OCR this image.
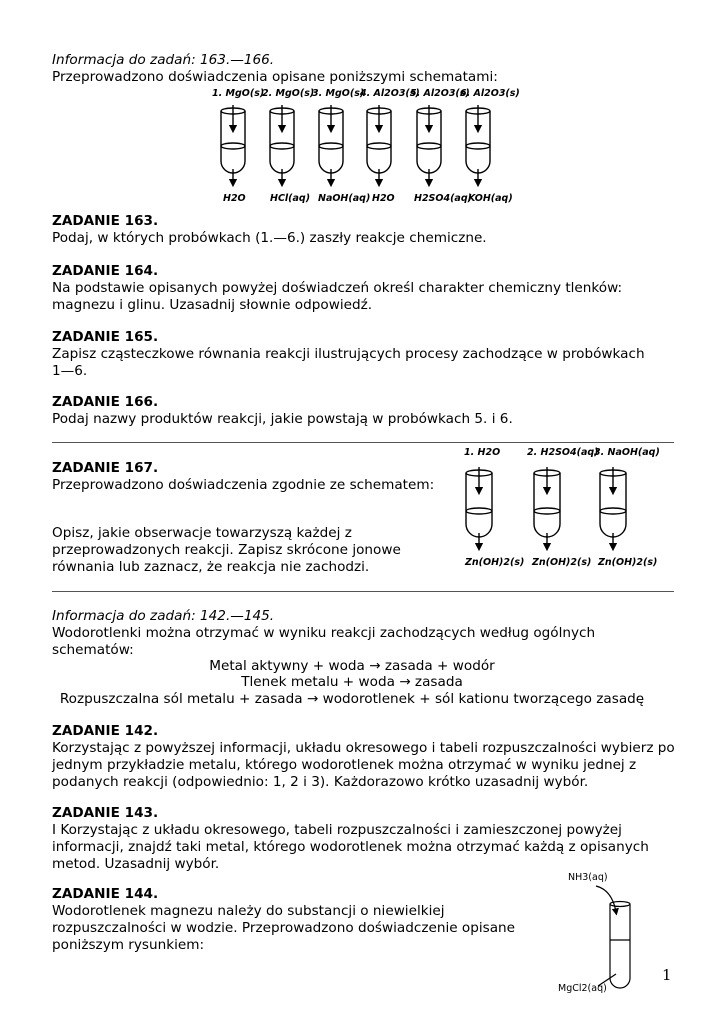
Informacja do zadań: 163.—166.
Przeprowadzono doświadczenia opisane poniższymi schematami:
1. MgO(s)
2. MgO(s)
3. MgO(s)
4. Al2O3(s)
5. Al2O3(s)
6. Al2O3(s)
H2O	HCl(aq) NaOH(aq) H2O H2SO4(aq)
KOH(aq)
ZADANIE 163.
Podaj, w których probówkach (1.—6.) zaszły reakcje chemiczne.
ZADANIE 164.
Na podstawie opisanych powyżej doświadczeń określ charakter chemiczny tlenków:
magnezu i glinu. Uzasadnij słownie odpowiedź.
ZADANIE 165.
Zapisz cząsteczkowe równania reakcji ilustrujących procesy zachodzące w probówkach
1—6.
ZADANIE 166.
Podaj nazwy produktów reakcji, jakie powstają w probówkach 5. i 6.
ZADANIE 167.
Przeprowadzono doświadczenia zgodnie ze schematem:
Opisz, jakie obserwacje towarzyszą każdej z
przeprowadzonych reakcji. Zapisz skrócone jonowe
równania lub zaznacz, że reakcja nie zachodzi.
1. H2O	2. H2SO4(aq)
3. NaOH(aq)
Zn(OH)2(s) Zn(OH)2(s) Zn(OH)2(s)
Informacja do zadań: 142.—145.
Wodorotlenki można otrzymać w wyniku reakcji zachodzących według ogólnych
schematów:
Metal aktywny + woda → zasada + wodór
Tlenek metalu + woda → zasada
Rozpuszczalna sól metalu + zasada → wodorotlenek + sól kationu tworzącego zasadę
ZADANIE 142.
Korzystając z powyższej informacji, układu okresowego i tabeli rozpuszczalności wybierz po
jednym przykładzie metalu, którego wodorotlenek można otrzymać w wyniku jednej z
podanych reakcji (odpowiednio: 1, 2 i 3). Każdorazowo krótko uzasadnij wybór.
ZADANIE 143.
I Korzystając z układu okresowego, tabeli rozpuszczalności i zamieszczonej powyżej
informacji, znajdź taki metal, którego wodorotlenek można otrzymać każdą z opisanych
metod. Uzasadnij wybór.
ZADANIE 144.
Wodorotlenek magnezu należy do substancji o niewielkiej
rozpuszczalności w wodzie. Przeprowadzono doświadczenie opisane
poniższym rysunkiem:
NH3(aq)
MgCl2(aq)
1
